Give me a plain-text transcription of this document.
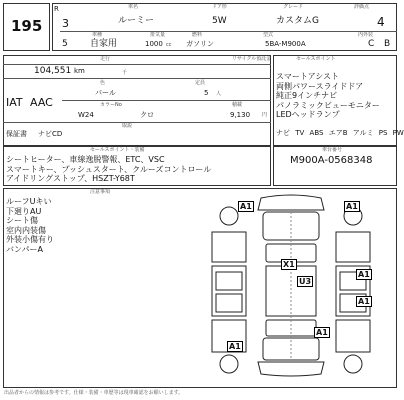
195
R	車名	ドア形	グレード	評価点
3	ルーミー	5W	カスタムG	4
車種	排気量	燃料	型式	内外装
5 自家用	1000 cc ガソリン	5BA-M900A	C B
走行	リサイクル預託金	セールスポイント
104,551 km	千
色	定員
IAT AAC
パール	5 人
カラーNo	積載
W24	クロ	9,130 円
取説
保証書 ナビCD
スマートアシスト
両側パワースライドドア
純正9インチナビ
パノラミックビューモニター
LEDヘッドランプ
ナビ TV ABS エアB アルミ PS PW
セールスポイント・装備
シートヒーター、車線逸脱警報、ETC、VSC
スマートキー、プッシュスタート、クルーズコントロール
アイドリングストップ、HSZT-Y68T
車台番号
M900A-0568348
注意事項
ルーフUキい
下廻りAU
シート傷
室内内装傷
外装小傷有り
バンパーA
A1	A1
X1
U3
A1
A1
A1
A1
出品者からの情報は参考です。仕様・装備・車歴等は現車確認をお願いします。
